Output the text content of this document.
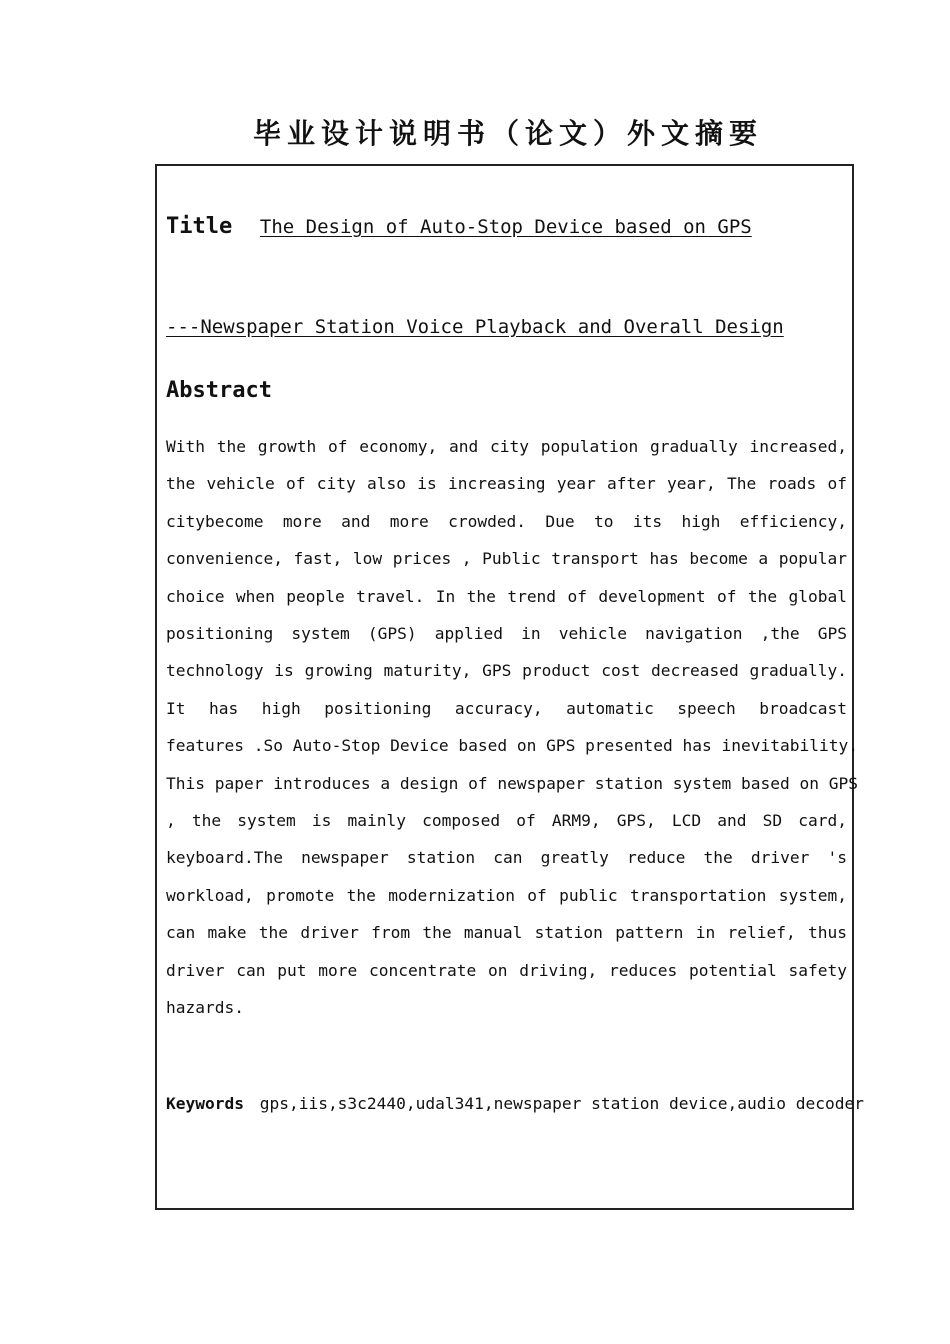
毕业设计说明书（论文）外文摘要
Title The Design of Auto-Stop Device based on GPS
---Newspaper Station Voice Playback and Overall Design
Abstract
With the growth of economy, and city population gradually increased,
the vehicle of city also is increasing year after year, The roads of
citybecome more and more crowded. Due to its high efficiency,
convenience, fast, low prices , Public transport has become a popular
choice when people travel. In the trend of development of the global
positioning system (GPS) applied in vehicle navigation ,the GPS
technology is growing maturity, GPS product cost decreased gradually.
It has high positioning accuracy, automatic speech broadcast
features .So Auto-Stop Device based on GPS presented has inevitability.
This paper introduces a design of newspaper station system based on GPS
, the system is mainly composed of ARM9, GPS, LCD and SD card,
keyboard.The newspaper station can greatly reduce the driver 's
workload, promote the modernization of public transportation system,
can make the driver from the manual station pattern in relief, thus
driver can put more concentrate on driving, reduces potential safety
hazards.
Keywords gps,iis,s3c2440,udal341,newspaper station device,audio decoder
